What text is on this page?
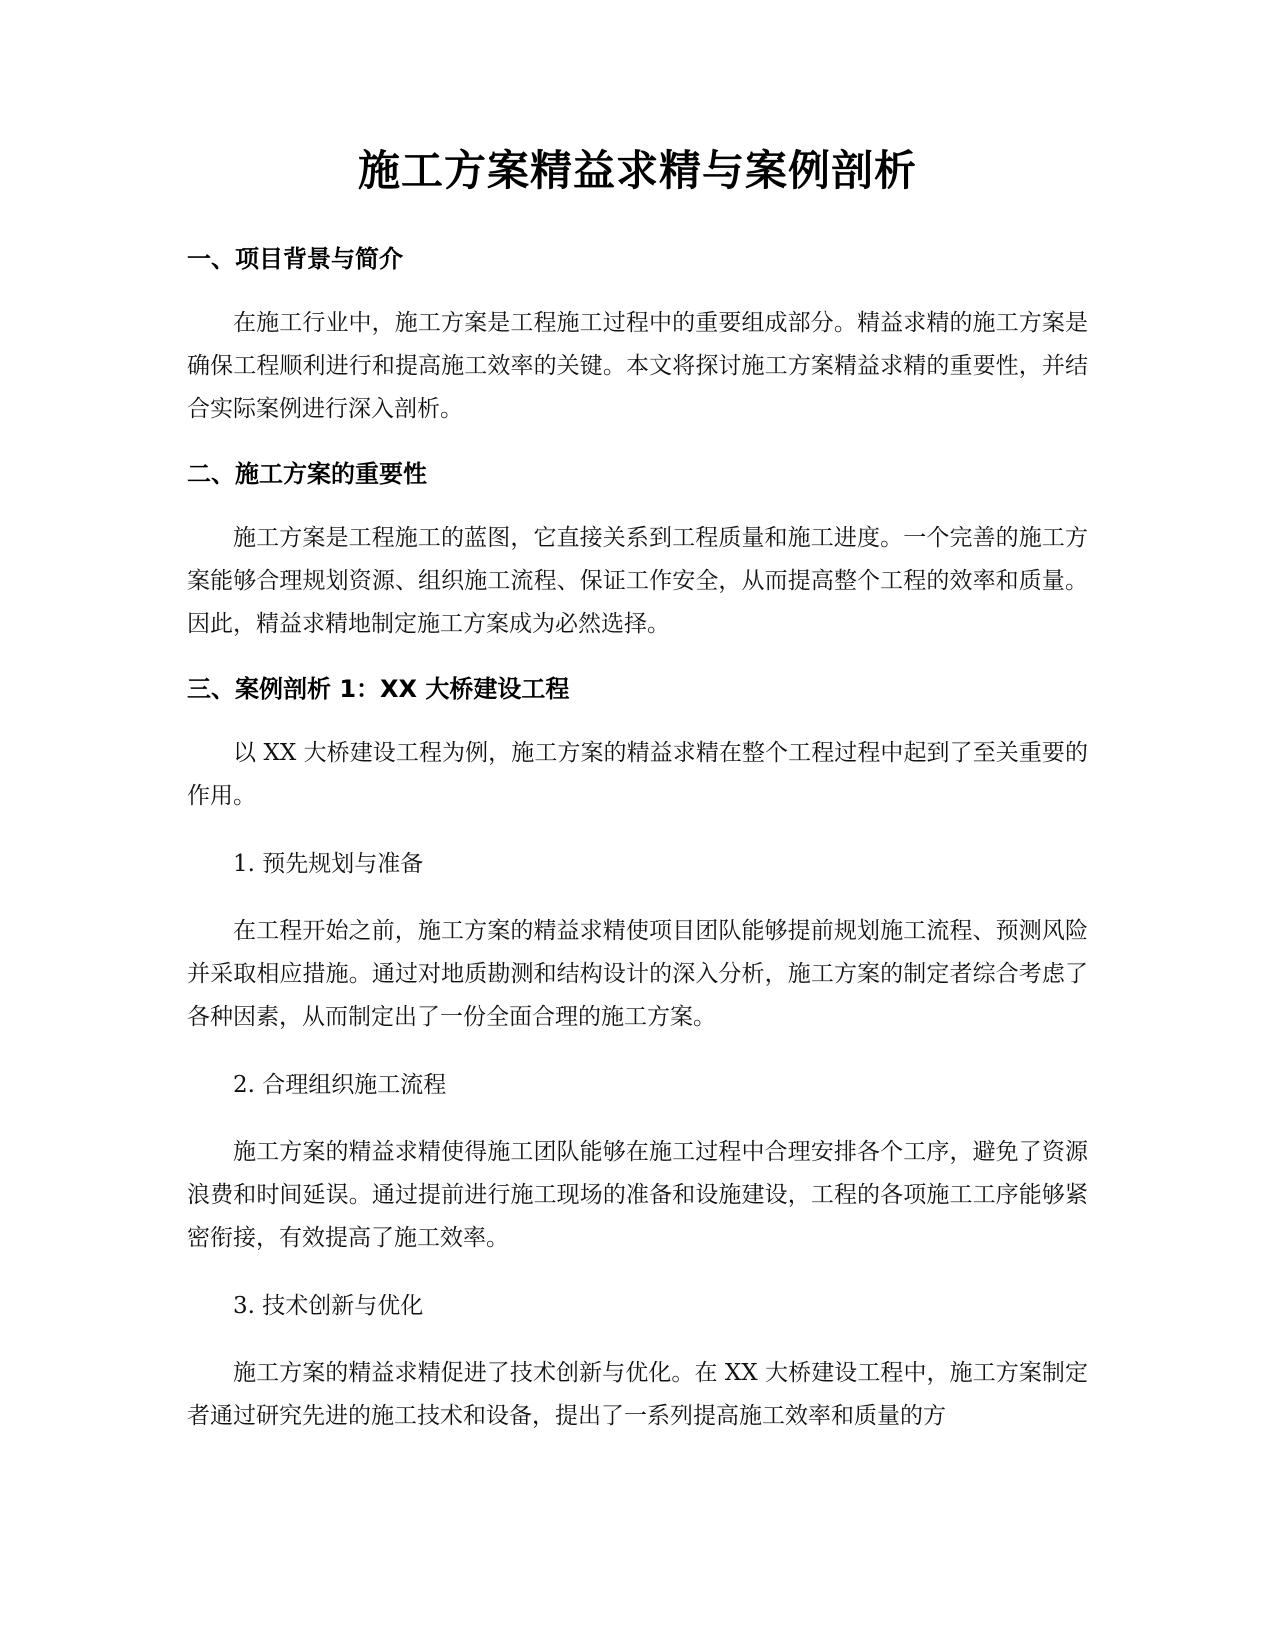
施工方案精益求精与案例剖析
一、项目背景与简介

在施工行业中，施工方案是工程施工过程中的重要组成部分。精益求精的施工方案是确保工程顺利进行和提高施工效率的关键。本文将探讨施工方案精益求精的重要性，并结合实际案例进行深入剖析。

二、施工方案的重要性

施工方案是工程施工的蓝图，它直接关系到工程质量和施工进度。一个完善的施工方案能够合理规划资源、组织施工流程、保证工作安全，从而提高整个工程的效率和质量。因此，精益求精地制定施工方案成为必然选择。

三、案例剖析 1：XX 大桥建设工程

以 XX 大桥建设工程为例，施工方案的精益求精在整个工程过程中起到了至关重要的作用。

1. 预先规划与准备

在工程开始之前，施工方案的精益求精使项目团队能够提前规划施工流程、预测风险并采取相应措施。通过对地质勘测和结构设计的深入分析，施工方案的制定者综合考虑了各种因素，从而制定出了一份全面合理的施工方案。

2. 合理组织施工流程

施工方案的精益求精使得施工团队能够在施工过程中合理安排各个工序，避免了资源浪费和时间延误。通过提前进行施工现场的准备和设施建设，工程的各项施工工序能够紧密衔接，有效提高了施工效率。

3. 技术创新与优化

施工方案的精益求精促进了技术创新与优化。在 XX 大桥建设工程中，施工方案制定者通过研究先进的施工技术和设备，提出了一系列提高施工效率和质量的方
